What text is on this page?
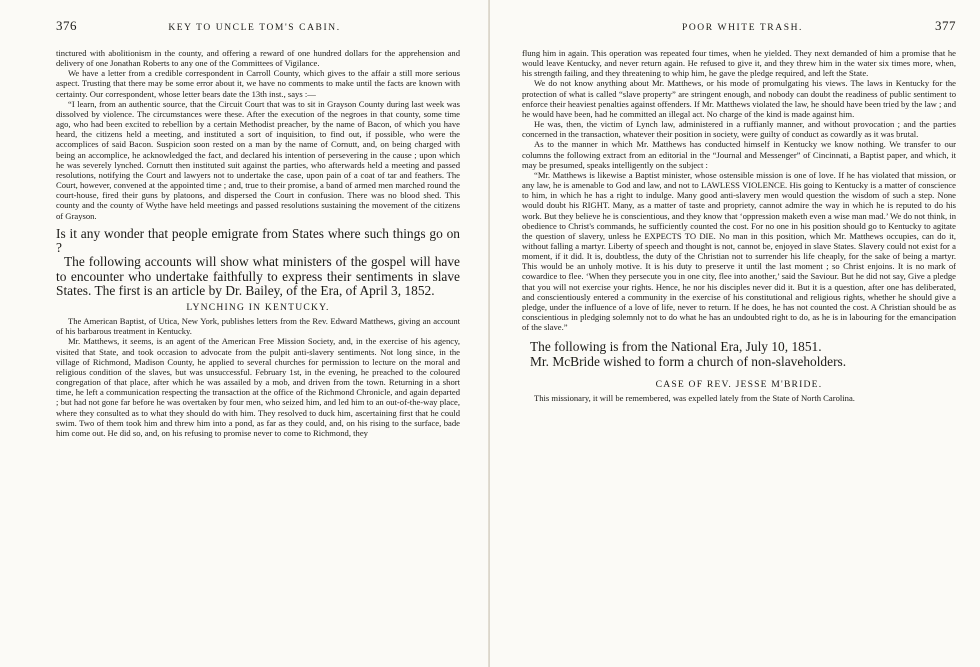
376	KEY TO UNCLE TOM'S CABIN.

tinctured with abolitionism in the county, and offering a reward of one hundred dollars for the apprehension and delivery of one Jonathan Roberts to any one of the Committees of Vigilance.

We have a letter from a credible correspondent in Carroll County, which gives to the affair a still more serious aspect. Trusting that there may be some error about it, we have no comments to make until the facts are known with certainty. Our correspondent, whose letter bears date the 13th inst., says :—

“I learn, from an authentic source, that the Circuit Court that was to sit in Grayson County during last week was dissolved by violence. The circumstances were these. After the execution of the negroes in that county, some time ago, who had been excited to rebellion by a certain Methodist preacher, by the name of Bacon, of which you have heard, the citizens held a meeting, and instituted a sort of inquisition, to find out, if possible, who were the accomplices of said Bacon. Suspicion soon rested on a man by the name of Cornutt, and, on being charged with being an accomplice, he acknowledged the fact, and declared his intention of persevering in the cause ; upon which he was severely lynched. Cornutt then instituted suit against the parties, who afterwards held a meeting and passed resolutions, notifying the Court and lawyers not to undertake the case, upon pain of a coat of tar and feathers. The Court, however, convened at the appointed time ; and, true to their promise, a band of armed men marched round the court-house, fired their guns by platoons, and dispersed the Court in confusion. There was no blood shed. This county and the county of Wythe have held meetings and passed resolutions sustaining the movement of the citizens of Grayson.

Is it any wonder that people emigrate from States where such things go on ?

The following accounts will show what ministers of the gospel will have to encounter who undertake faithfully to express their sentiments in slave States. The first is an article by Dr. Bailey, of the Era, of April 3, 1852.

LYNCHING IN KENTUCKY.

The American Baptist, of Utica, New York, publishes letters from the Rev. Edward Matthews, giving an account of his barbarous treatment in Kentucky.

Mr. Matthews, it seems, is an agent of the American Free Mission Society, and, in the exercise of his agency, visited that State, and took occasion to advocate from the pulpit anti-slavery sentiments. Not long since, in the village of Richmond, Madison County, he applied to several churches for permission to lecture on the moral and religious condition of the slaves, but was unsuccessful. February 1st, in the evening, he preached to the coloured congregation of that place, after which he was assailed by a mob, and driven from the town. Returning in a short time, he left a communication respecting the transaction at the office of the Richmond Chronicle, and again departed ; but had not gone far before he was overtaken by four men, who seized him, and led him to an out-of-the-way place, where they consulted as to what they should do with him. They resolved to duck him, ascertaining first that he could swim. Two of them took him and threw him into a pond, as far as they could, and, on his rising to the surface, bade him come out. He did so, and, on his refusing to promise never to come to Richmond, they

POOR WHITE TRASH.	377

flung him in again. This operation was repeated four times, when he yielded. They next demanded of him a promise that he would leave Kentucky, and never return again. He refused to give it, and they threw him in the water six times more, when, his strength failing, and they threatening to whip him, he gave the pledge required, and left the State.

We do not know anything about Mr. Matthews, or his mode of promulgating his views. The laws in Kentucky for the protection of what is called “slave property” are stringent enough, and nobody can doubt the readiness of public sentiment to enforce their heaviest penalties against offenders. If Mr. Matthews violated the law, he should have been tried by the law ; and he would have been, had he committed an illegal act. No charge of the kind is made against him.

He was, then, the victim of Lynch law, administered in a ruffianly manner, and without provocation ; and the parties concerned in the transaction, whatever their position in society, were guilty of conduct as cowardly as it was brutal.

As to the manner in which Mr. Matthews has conducted himself in Kentucky we know nothing. We transfer to our columns the following extract from an editorial in the “Journal and Messenger” of Cincinnati, a Baptist paper, and which, it may be presumed, speaks intelligently on the subject :

“Mr. Matthews is likewise a Baptist minister, whose ostensible mission is one of love. If he has violated that mission, or any law, he is amenable to God and law, and not to LAWLESS VIOLENCE. His going to Kentucky is a matter of conscience to him, in which he has a right to indulge. Many good anti-slavery men would question the wisdom of such a step. None would doubt his RIGHT. Many, as a matter of taste and propriety, cannot admire the way in which he is reputed to do his work. But they believe he is conscientious, and they know that ‘oppression maketh even a wise man mad.’ We do not think, in obedience to Christ's commands, he sufficiently counted the cost. For no one in his position should go to Kentucky to agitate the question of slavery, unless he EXPECTS TO DIE. No man in this position, which Mr. Matthews occupies, can do it, without falling a martyr. Liberty of speech and thought is not, cannot be, enjoyed in slave States. Slavery could not exist for a moment, if it did. It is, doubtless, the duty of the Christian not to surrender his life cheaply, for the sake of being a martyr. This would be an unholy motive. It is his duty to preserve it until the last moment ; so Christ enjoins. It is no mark of cowardice to flee. ‘When they persecute you in one city, flee into another,’ said the Saviour. But he did not say, Give a pledge that you will not exercise your rights. Hence, he nor his disciples never did it. But it is a question, after one has deliberated, and conscientiously entered a community in the exercise of his constitutional and religious rights, whether he should give a pledge, under the influence of a love of life, never to return. If he does, he has not counted the cost. A Christian should be as conscientious in pledging solemnly not to do what he has an undoubted right to do, as he is in labouring for the emancipation of the slave.”

The following is from the National Era, July 10, 1851.

Mr. McBride wished to form a church of non-slaveholders.

CASE OF REV. JESSE M'BRIDE.

This missionary, it will be remembered, was expelled lately from the State of North Carolina.
